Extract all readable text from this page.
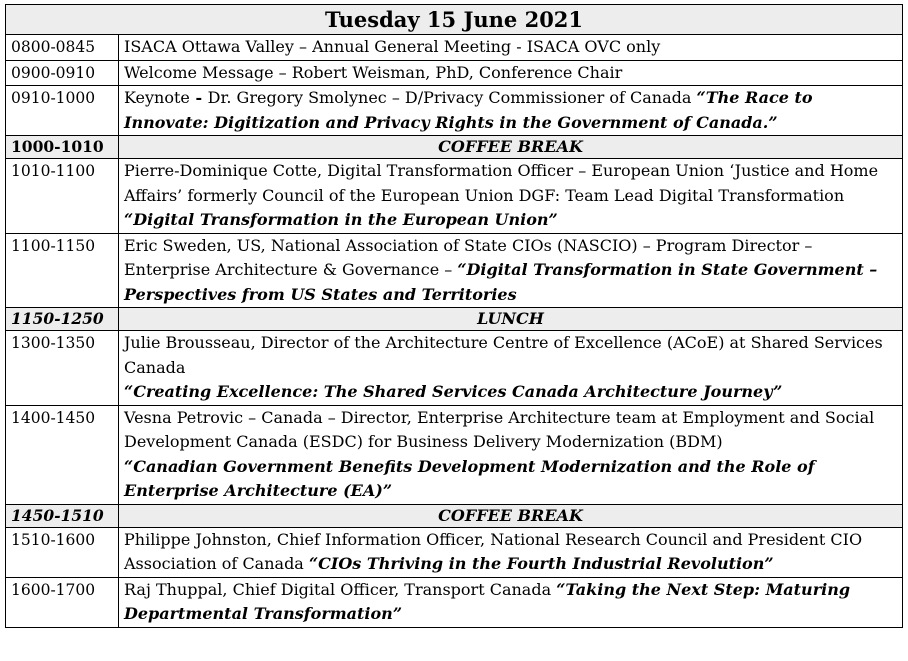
Tuesday 15 June 2021	
0800-0845	ISACA Ottawa Valley – Annual General Meeting - ISACA OVC only
0900-0910	Welcome Message – Robert Weisman, PhD, Conference Chair
0910-1000	Keynote - Dr. Gregory Smolynec – D/Privacy Commissioner of Canada “The Race to Innovate: Digitization and Privacy Rights in the Government of Canada.”
1000-1010	COFFEE BREAK
1010-1100	Pierre-Dominique Cotte, Digital Transformation Officer – European Union ‘Justice and Home Affairs’ formerly Council of the European Union DGF: Team Lead Digital Transformation “Digital Transformation in the European Union”
1100-1150	Eric Sweden, US, National Association of State CIOs (NASCIO) – Program Director – Enterprise Architecture & Governance – “Digital Transformation in State Government – Perspectives from US States and Territories
1150-1250	LUNCH
1300-1350	Julie Brousseau, Director of the Architecture Centre of Excellence (ACoE) at Shared Services Canada
“Creating Excellence: The Shared Services Canada Architecture Journey”
1400-1450	Vesna Petrovic – Canada – Director, Enterprise Architecture team at Employment and Social Development Canada (ESDC) for Business Delivery Modernization (BDM)
“Canadian Government Benefits Development Modernization and the Role of Enterprise Architecture (EA)”
1450-1510	COFFEE BREAK
1510-1600	Philippe Johnston, Chief Information Officer, National Research Council and President CIO Association of Canada “CIOs Thriving in the Fourth Industrial Revolution”
1600-1700	Raj Thuppal, Chief Digital Officer, Transport Canada “Taking the Next Step: Maturing Departmental Transformation”
